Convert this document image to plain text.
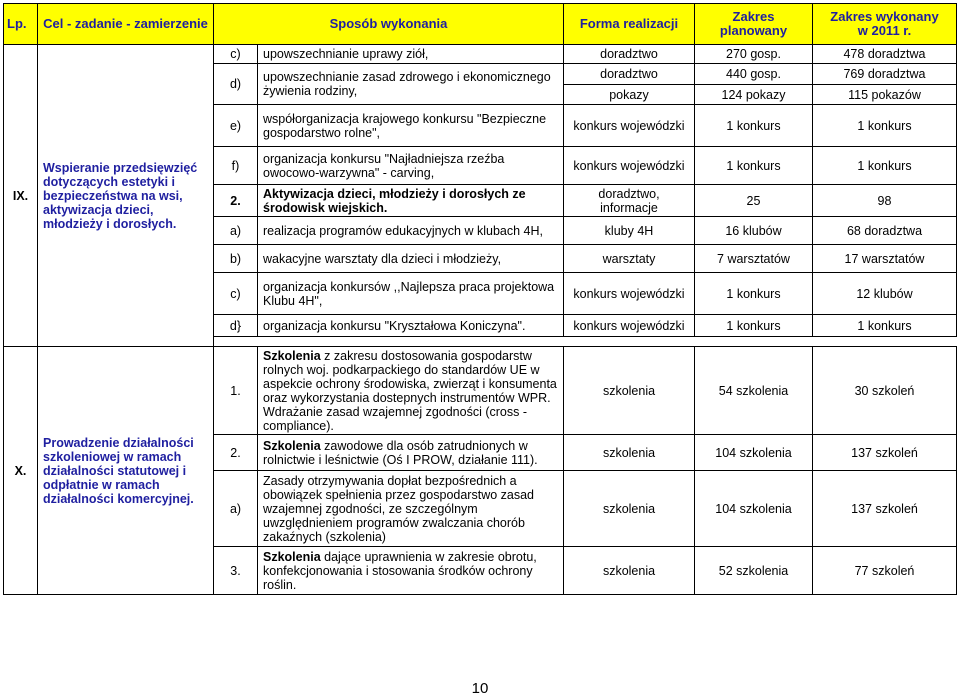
Lp.	Cel - zadanie - zamierzenie	Sposób wykonania		Forma realizacji	Zakres planowany	Zakres wykonany
w 2011 r.
IX.	Wspieranie przedsięwzięć dotyczących estetyki i bezpieczeństwa na wsi, aktywizacja dzieci, młodzieży i dorosłych.	c)	upowszechnianie uprawy ziół,	doradztwo	270 gosp.	478 doradztwa
		d)	upowszechnianie zasad zdrowego i ekonomicznego żywienia rodziny,	doradztwo	440 gosp.	769 doradztwa
				pokazy	124 pokazy	115 pokazów
		e)	współorganizacja krajowego konkursu "Bezpieczne gospodarstwo rolne",	konkurs wojewódzki	1 konkurs	1 konkurs
		f)	organizacja konkursu "Najładniejsza rzeźba owocowo-warzywna" - carving,	konkurs wojewódzki	1 konkurs	1 konkurs
		2.	Aktywizacja dzieci, młodzieży i dorosłych ze środowisk wiejskich.	doradztwo, informacje	25	98
		a)	realizacja programów edukacyjnych w klubach 4H,	kluby 4H	16 klubów	68 doradztwa
		b)	wakacyjne warsztaty dla dzieci i młodzieży,	warsztaty	7 warsztatów	17 warsztatów
		c)	organizacja konkursów ,,Najlepsza praca projektowa Klubu 4H",	konkurs wojewódzki	1 konkurs	12 klubów
		d}	organizacja konkursu "Kryształowa Koniczyna".	konkurs wojewódzki	1 konkurs	1 konkurs

X.	Prowadzenie działalności szkoleniowej w ramach działalności statutowej i odpłatnie w ramach działalności komercyjnej.	1.	Szkolenia z zakresu dostosowania gospodarstw rolnych woj. podkarpackiego do standardów UE w aspekcie ochrony środowiska, zwierząt i konsumenta oraz wykorzystania dostepnych instrumentów WPR. Wdrażanie zasad wzajemnej zgodności (cross - compliance).	szkolenia	54 szkolenia	30 szkoleń
		2.	Szkolenia zawodowe dla osób zatrudnionych w rolnictwie i leśnictwie (Oś I PROW, działanie 111).	szkolenia	104 szkolenia	137 szkoleń
		a)	Zasady otrzymywania dopłat bezpośrednich a obowiązek spełnienia przez gospodarstwo zasad wzajemnej zgodności, ze szczególnym uwzględnieniem programów zwalczania chorób zakaźnych (szkolenia)	szkolenia	104 szkolenia	137 szkoleń
		3.	Szkolenia dające uprawnienia w zakresie obrotu, konfekcjonowania i stosowania środków ochrony roślin.	szkolenia	52 szkolenia	77 szkoleń
10
